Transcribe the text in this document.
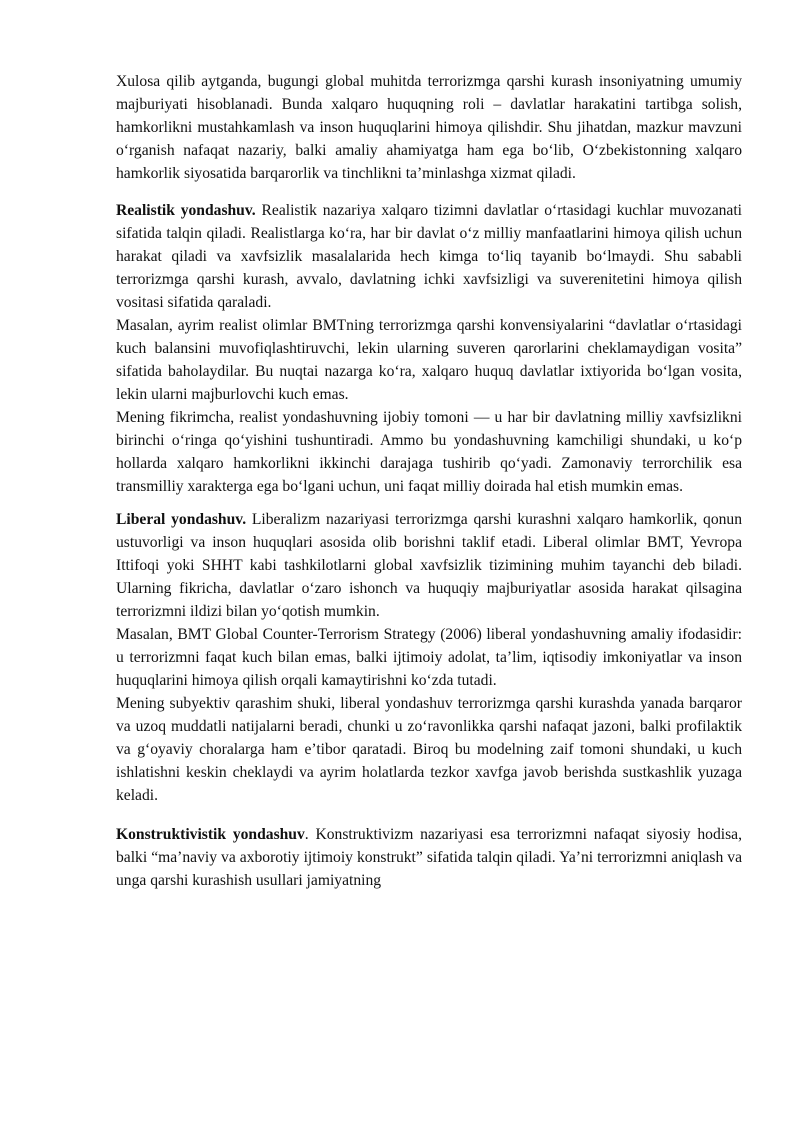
Xulosa qilib aytganda, bugungi global muhitda terrorizmga qarshi kurash insoniyatning umumiy majburiyati hisoblanadi. Bunda xalqaro huquqning roli – davlatlar harakatini tartibga solish, hamkorlikni mustahkamlash va inson huquqlarini himoya qilishdir. Shu jihatdan, mazkur mavzuni o‘rganish nafaqat nazariy, balki amaliy ahamiyatga ham ega bo‘lib, O‘zbekistonning xalqaro hamkorlik siyosatida barqarorlik va tinchlikni ta’minlashga xizmat qiladi.

Realistik yondashuv. Realistik nazariya xalqaro tizimni davlatlar o‘rtasidagi kuchlar muvozanati sifatida talqin qiladi. Realistlarga ko‘ra, har bir davlat o‘z milliy manfaatlarini himoya qilish uchun harakat qiladi va xavfsizlik masalalarida hech kimga to‘liq tayanib bo‘lmaydi. Shu sababli terrorizmga qarshi kurash, avvalo, davlatning ichki xavfsizligi va suverenitetini himoya qilish vositasi sifatida qaraladi.

Masalan, ayrim realist olimlar BMTning terrorizmga qarshi konvensiyalarini “davlatlar o‘rtasidagi kuch balansini muvofiqlashtiruvchi, lekin ularning suveren qarorlarini cheklamaydigan vosita” sifatida baholaydilar. Bu nuqtai nazarga ko‘ra, xalqaro huquq davlatlar ixtiyorida bo‘lgan vosita, lekin ularni majburlovchi kuch emas.

Mening fikrimcha, realist yondashuvning ijobiy tomoni — u har bir davlatning milliy xavfsizlikni birinchi o‘ringa qo‘yishini tushuntiradi. Ammo bu yondashuvning kamchiligi shundaki, u ko‘p hollarda xalqaro hamkorlikni ikkinchi darajaga tushirib qo‘yadi. Zamonaviy terrorchilik esa transmilliy xarakterga ega bo‘lgani uchun, uni faqat milliy doirada hal etish mumkin emas.

Liberal yondashuv. Liberalizm nazariyasi terrorizmga qarshi kurashni xalqaro hamkorlik, qonun ustuvorligi va inson huquqlari asosida olib borishni taklif etadi. Liberal olimlar BMT, Yevropa Ittifoqi yoki SHHT kabi tashkilotlarni global xavfsizlik tizimining muhim tayanchi deb biladi. Ularning fikricha, davlatlar o‘zaro ishonch va huquqiy majburiyatlar asosida harakat qilsagina terrorizmni ildizi bilan yo‘qotish mumkin.

Masalan, BMT Global Counter-Terrorism Strategy (2006) liberal yondashuvning amaliy ifodasidir: u terrorizmni faqat kuch bilan emas, balki ijtimoiy adolat, ta’lim, iqtisodiy imkoniyatlar va inson huquqlarini himoya qilish orqali kamaytirishni ko‘zda tutadi.

Mening subyektiv qarashim shuki, liberal yondashuv terrorizmga qarshi kurashda yanada barqaror va uzoq muddatli natijalarni beradi, chunki u zo‘ravonlikka qarshi nafaqat jazoni, balki profilaktik va g‘oyaviy choralarga ham e’tibor qaratadi. Biroq bu modelning zaif tomoni shundaki, u kuch ishlatishni keskin cheklaydi va ayrim holatlarda tezkor xavfga javob berishda sustkashlik yuzaga keladi.

Konstruktivistik yondashuv. Konstruktivizm nazariyasi esa terrorizmni nafaqat siyosiy hodisa, balki “ma’naviy va axborotiy ijtimoiy konstrukt” sifatida talqin qiladi. Ya’ni terrorizmni aniqlash va unga qarshi kurashish usullari jamiyatning
